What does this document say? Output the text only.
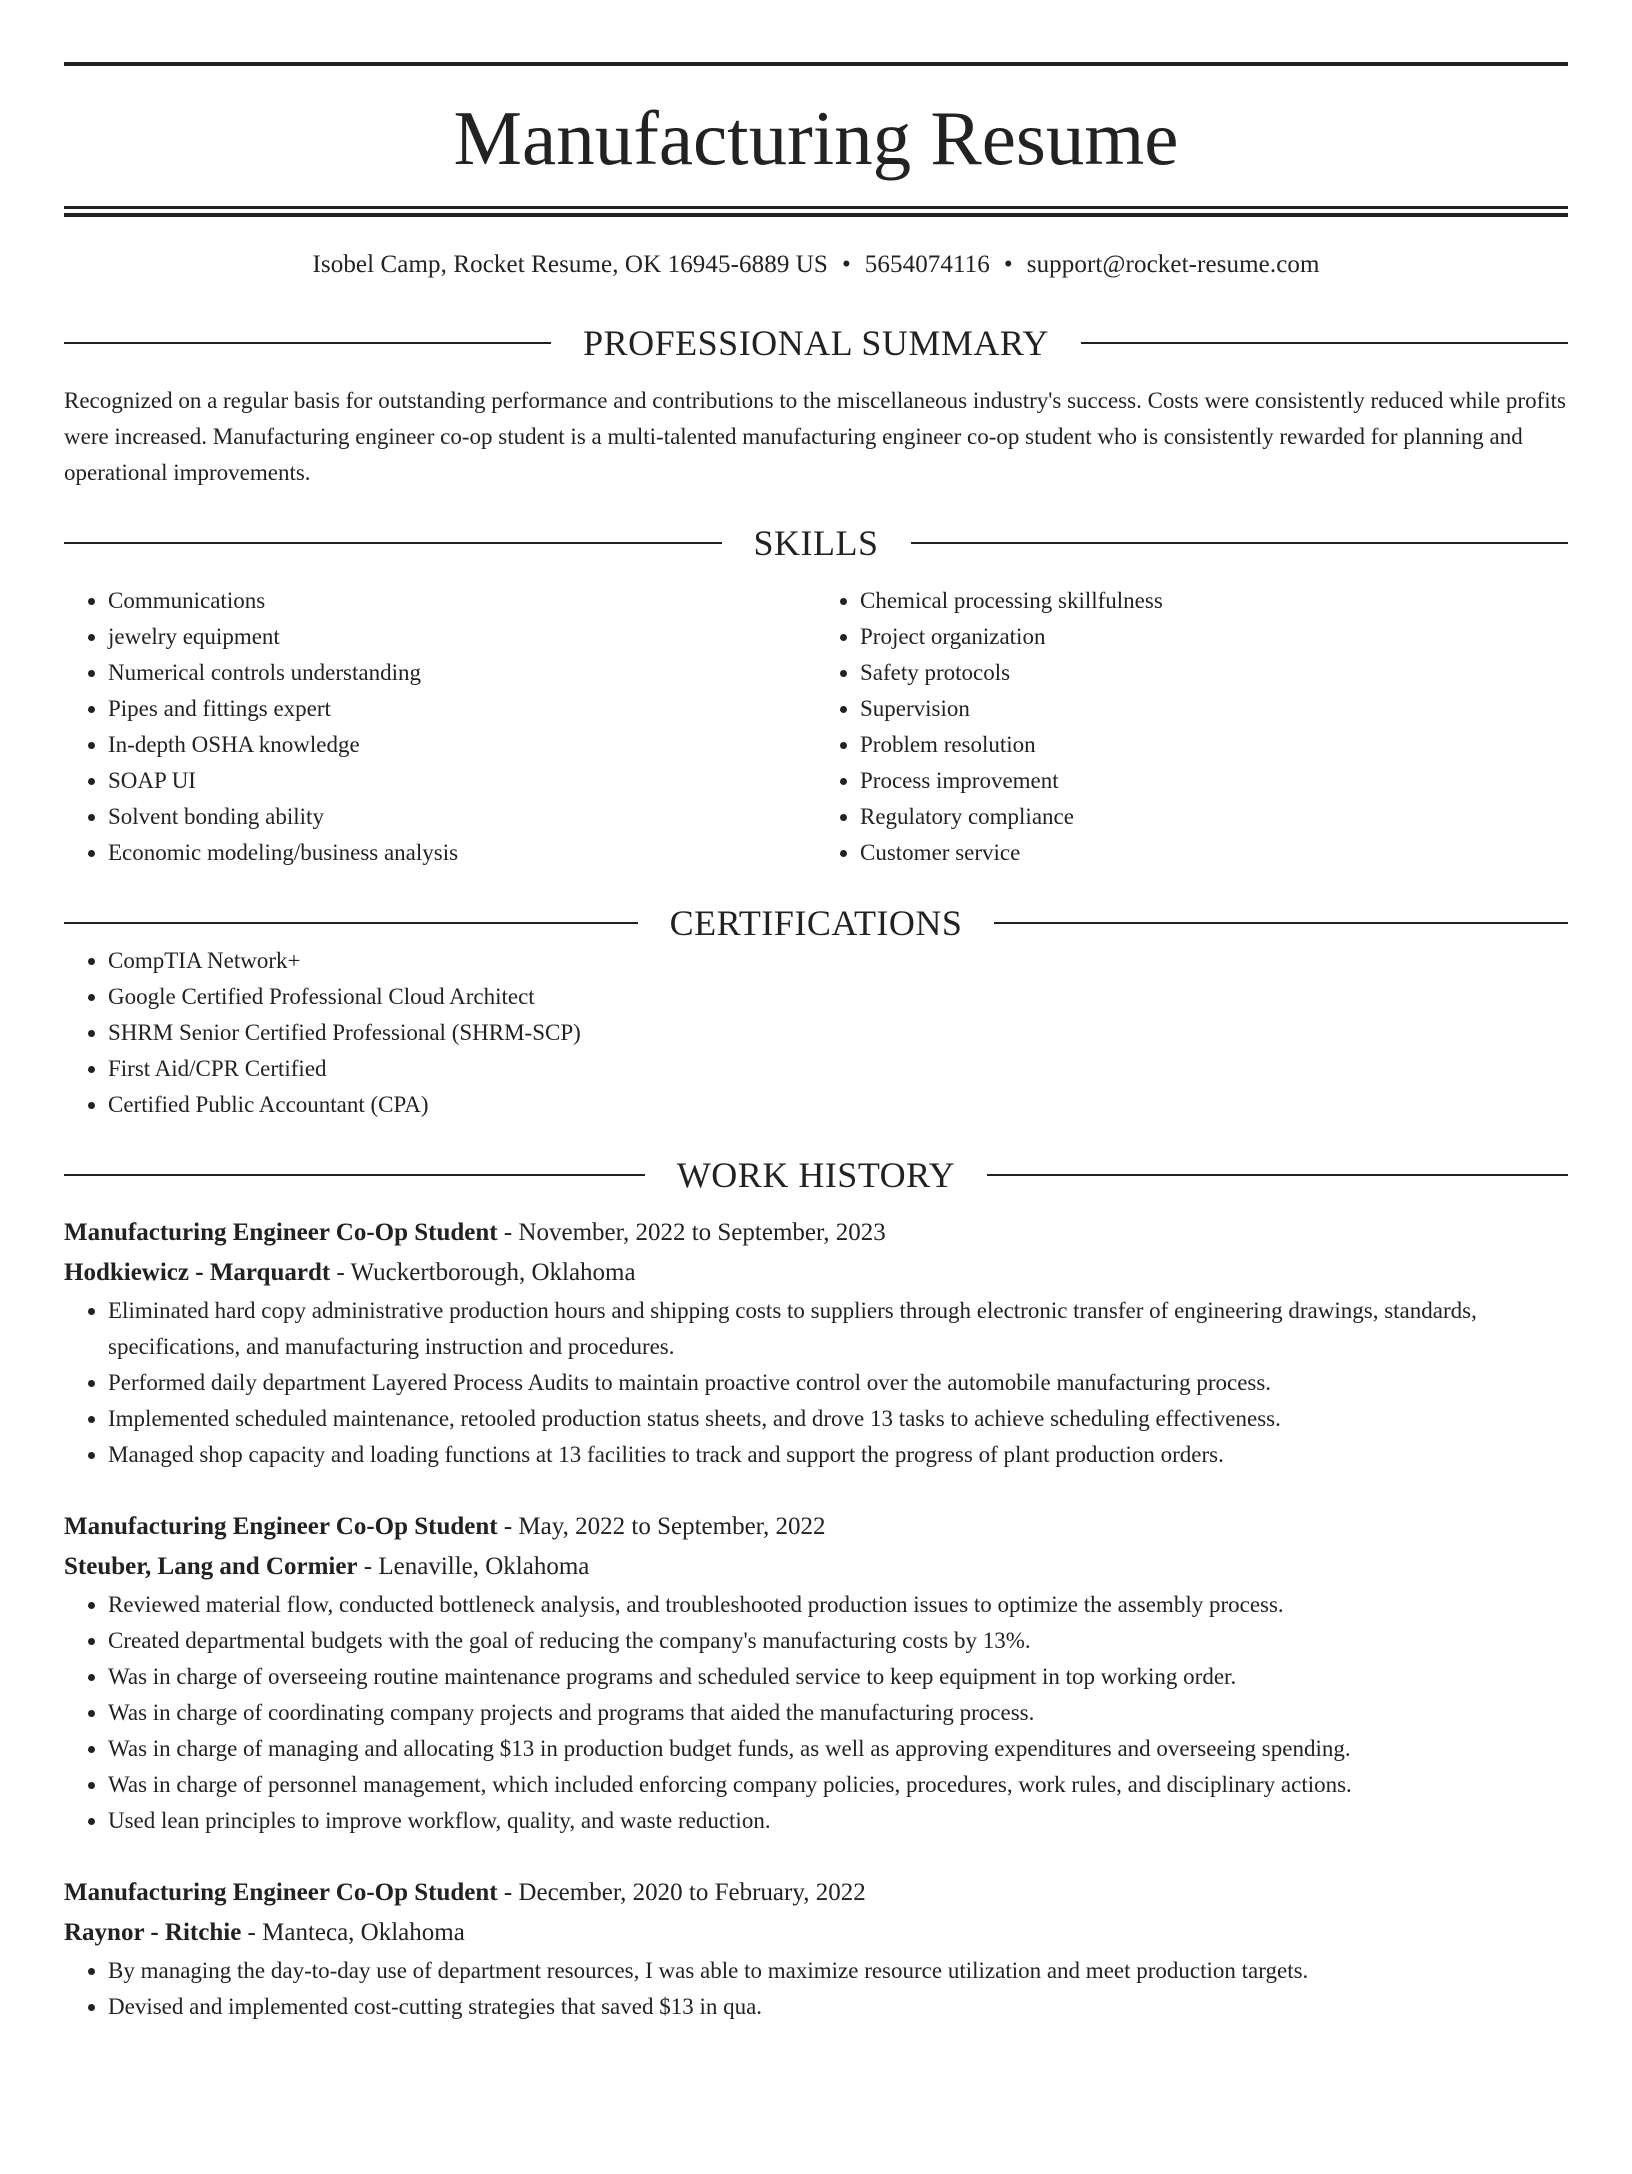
Manufacturing Resume
Isobel Camp, Rocket Resume, OK 16945-6889 US • 5654074116 • support@rocket-resume.com
PROFESSIONAL SUMMARY
Recognized on a regular basis for outstanding performance and contributions to the miscellaneous industry's success. Costs were consistently reduced while profits were increased. Manufacturing engineer co-op student is a multi-talented manufacturing engineer co-op student who is consistently rewarded for planning and operational improvements.
SKILLS
• Communications
• jewelry equipment
• Numerical controls understanding
• Pipes and fittings expert
• In-depth OSHA knowledge
• SOAP UI
• Solvent bonding ability
• Economic modeling/business analysis
• Chemical processing skillfulness
• Project organization
• Safety protocols
• Supervision
• Problem resolution
• Process improvement
• Regulatory compliance
• Customer service
CERTIFICATIONS
• CompTIA Network+
• Google Certified Professional Cloud Architect
• SHRM Senior Certified Professional (SHRM-SCP)
• First Aid/CPR Certified
• Certified Public Accountant (CPA)
WORK HISTORY
Manufacturing Engineer Co-Op Student - November, 2022 to September, 2023
Hodkiewicz - Marquardt - Wuckertborough, Oklahoma
• Eliminated hard copy administrative production hours and shipping costs to suppliers through electronic transfer of engineering drawings, standards, specifications, and manufacturing instruction and procedures.
• Performed daily department Layered Process Audits to maintain proactive control over the automobile manufacturing process.
• Implemented scheduled maintenance, retooled production status sheets, and drove 13 tasks to achieve scheduling effectiveness.
• Managed shop capacity and loading functions at 13 facilities to track and support the progress of plant production orders.
Manufacturing Engineer Co-Op Student - May, 2022 to September, 2022
Steuber, Lang and Cormier - Lenaville, Oklahoma
• Reviewed material flow, conducted bottleneck analysis, and troubleshooted production issues to optimize the assembly process.
• Created departmental budgets with the goal of reducing the company's manufacturing costs by 13%.
• Was in charge of overseeing routine maintenance programs and scheduled service to keep equipment in top working order.
• Was in charge of coordinating company projects and programs that aided the manufacturing process.
• Was in charge of managing and allocating $13 in production budget funds, as well as approving expenditures and overseeing spending.
• Was in charge of personnel management, which included enforcing company policies, procedures, work rules, and disciplinary actions.
• Used lean principles to improve workflow, quality, and waste reduction.
Manufacturing Engineer Co-Op Student - December, 2020 to February, 2022
Raynor - Ritchie - Manteca, Oklahoma
• By managing the day-to-day use of department resources, I was able to maximize resource utilization and meet production targets.
• Devised and implemented cost-cutting strategies that saved $13 in qua.
